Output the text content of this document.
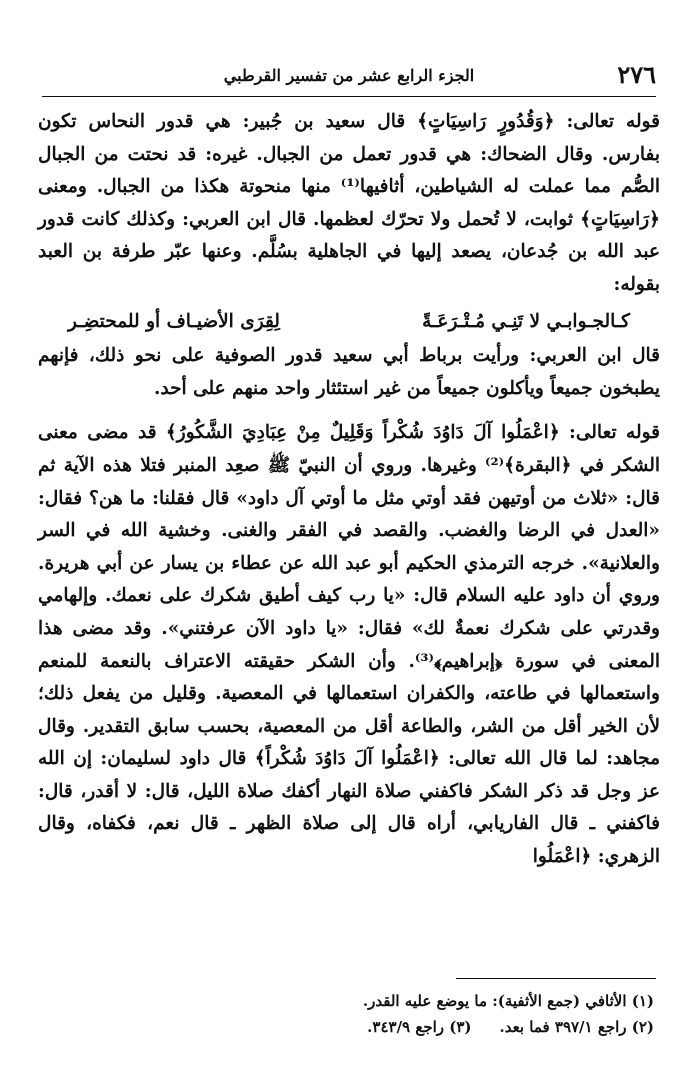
٢٧٦
الجزء الرابع عشر من تفسير القرطبي

قوله تعالى: ﴿وَقُدُورٍ رَاسِيَاتٍ﴾ قال سعيد بن جُبير: هي قدور النحاس تكون بفارس. وقال الضحاك: هي قدور تعمل من الجبال. غيره: قد نحتت من الجبال الصُّم مما عملت له الشياطين، أثافيها⁽¹⁾ منها منحوتة هكذا من الجبال. ومعنى ﴿رَاسِيَاتٍ﴾ ثوابت، لا تُحمل ولا تحرّك لعظمها. قال ابن العربي: وكذلك كانت قدور عبد الله بن جُدعان، يصعد إليها في الجاهلية بسُلَّم. وعنها عبّر طرفة بن العبد بقوله:

كـالجـوابـي لا تَنِـي مُـتْـرَعَـةً
لِقِرَى الأضيـاف أو للمحتضِـر

قال ابن العربي: ورأيت برباط أبي سعيد قدور الصوفية على نحو ذلك، فإنهم يطبخون جميعاً ويأكلون جميعاً من غير استئثار واحد منهم على أحد.

قوله تعالى: ﴿اعْمَلُوا آلَ دَاوُدَ شُكْراً وَقَلِيلٌ مِنْ عِبَادِيَ الشَّكُورُ﴾ قد مضى معنى الشكر في ﴿البقرة﴾⁽²⁾ وغيرها. وروي أن النبيّ ﷺ صعِد المنبر فتلا هذه الآية ثم قال: «ثلاث من أوتيهن فقد أوتي مثل ما أوتي آل داود» قال فقلنا: ما هن؟ فقال: «العدل في الرضا والغضب. والقصد في الفقر والغنى. وخشية الله في السر والعلانية». خرجه الترمذي الحكيم أبو عبد الله عن عطاء بن يسار عن أبي هريرة. وروي أن داود عليه السلام قال: «يا رب كيف أطيق شكرك على نعمك. وإلهامي وقدرتي على شكرك نعمةٌ لك» فقال: «يا داود الآن عرفتني». وقد مضى هذا المعنى في سورة ﴿إبراهيم﴾⁽³⁾. وأن الشكر حقيقته الاعتراف بالنعمة للمنعم واستعمالها في طاعته، والكفران استعمالها في المعصية. وقليل من يفعل ذلك؛ لأن الخير أقل من الشر، والطاعة أقل من المعصية، بحسب سابق التقدير. وقال مجاهد: لما قال الله تعالى: ﴿اعْمَلُوا آلَ دَاوُدَ شُكْراً﴾ قال داود لسليمان: إن الله عز وجل قد ذكر الشكر فاكفني صلاة النهار أكفك صلاة الليل، قال: لا أقدر، قال: فاكفني ـ قال الفاريابي، أراه قال إلى صلاة الظهر ـ قال نعم، فكفاه، وقال الزهري: ﴿اعْمَلُوا

(١) الأثافي (جمع الأثفية): ما يوضع عليه القدر.
(٢) راجع ٣٩٧/١ فما بعد.(٣) راجع ٣٤٣/٩.
